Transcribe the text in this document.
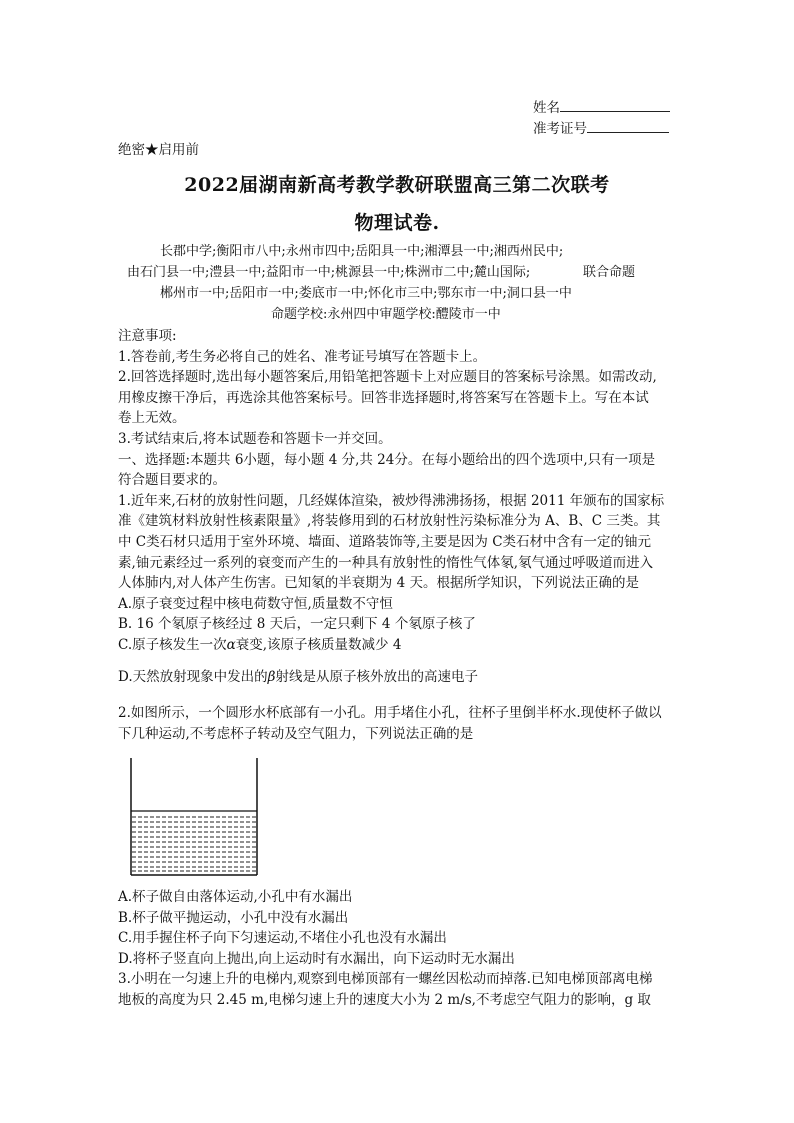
姓名
准考证号
绝密★启用前
2022届湖南新高考教学教研联盟高三第二次联考
物理试卷.
长郡中学;衡阳市八中;永州市四中;岳阳具一中;湘潭县一中;湘西州民中;
由石门县一中;澧县一中;益阳市一中;桃源县一中;株洲市二中;麓山国际;	联合命题
郴州市一中;岳阳市一中;娄底市一中;怀化市三中;鄂东市一中;洞口县一中
命题学校:永州四中审题学校:醴陵市一中

注意事项:

1.答卷前,考生务必将自己的姓名、准考证号填写在答题卡上。

2.回答选择题时,选出每小题答案后,用铅笔把答题卡上对应题目的答案标号涂黑。如需改动,

用橡皮擦干净后，再选涂其他答案标号。回答非选择题时,将答案写在答题卡上。写在本试

卷上无效。

3.考试结束后,将本试题卷和答题卡一并交回。

一、选择题:本题共 6小题，每小题 4 分,共 24分。在每小题给出的四个选项中,只有一项是

符合题目要求的。

1.近年来,石材的放射性问题，几经媒体渲染，被炒得沸沸扬扬，根据 2011 年颁布的国家标

准《建筑材料放射性核素限量》,将装修用到的石材放射性污染标准分为 A、B、C 三类。其

中 C类石材只适用于室外环境、墙面、道路装饰等,主要是因为 C类石材中含有一定的铀元

素,铀元素经过一系列的衰变而产生的一种具有放射性的惰性气体氡,氡气通过呼吸道而进入

人体肺内,对人体产生伤害。已知氡的半衰期为 4 天。根据所学知识，下列说法正确的是

A.原子衰变过程中核电荷数守恒,质量数不守恒

B. 16 个氡原子核经过 8 天后，一定只剩下 4 个氡原子核了

C.原子核发生一次α衰变,该原子核质量数减少 4

D.天然放射现象中发出的β射线是从原子核外放出的高速电子

2.如图所示，一个圆形水杯底部有一小孔。用手堵住小孔，往杯子里倒半杯水.现使杯子做以

下几种运动,不考虑杯子转动及空气阻力，下列说法正确的是

A.杯子做自由落体运动,小孔中有水漏出

B.杯子做平抛运动，小孔中没有水漏出

C.用手握住杯子向下匀速运动,不堵住小孔也没有水漏出

D.将杯子竖直向上抛出,向上运动时有水漏出，向下运动时无水漏出

3.小明在一匀速上升的电梯内,观察到电梯顶部有一螺丝因松动而掉落.已知电梯顶部离电梯

地板的高度为只 2.45 m,电梯匀速上升的速度大小为 2 m/s,不考虑空气阻力的影响，g 取
